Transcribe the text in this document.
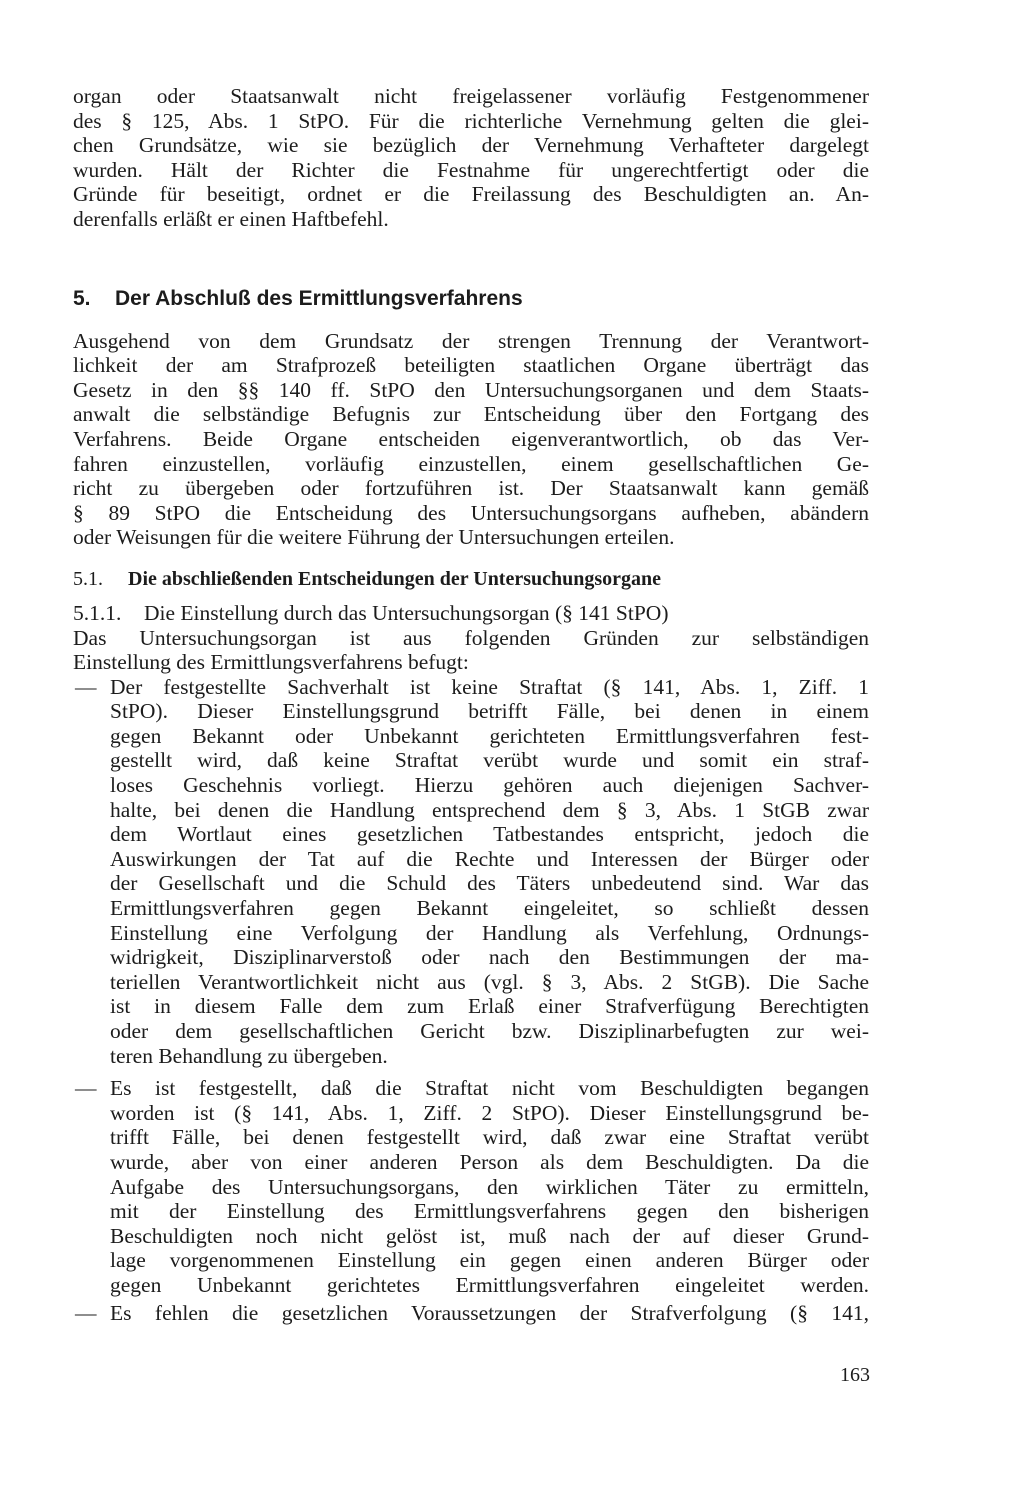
organ oder Staatsanwalt nicht freigelassener vorläufig Festgenommener
des § 125, Abs. 1 StPO. Für die richterliche Vernehmung gelten die glei-
chen Grundsätze, wie sie bezüglich der Vernehmung Verhafteter dargelegt
wurden. Hält der Richter die Festnahme für ungerechtfertigt oder die
Gründe für beseitigt, ordnet er die Freilassung des Beschuldigten an. An-
derenfalls erläßt er einen Haftbefehl.
5. Der Abschluß des Ermittlungsverfahrens
Ausgehend von dem Grundsatz der strengen Trennung der Verantwort-
lichkeit der am Strafprozeß beteiligten staatlichen Organe überträgt das
Gesetz in den §§ 140 ff. StPO den Untersuchungsorganen und dem Staats-
anwalt die selbständige Befugnis zur Entscheidung über den Fortgang des
Verfahrens. Beide Organe entscheiden eigenverantwortlich, ob das Ver-
fahren einzustellen, vorläufig einzustellen, einem gesellschaftlichen Ge-
richt zu übergeben oder fortzuführen ist. Der Staatsanwalt kann gemäß
§ 89 StPO die Entscheidung des Untersuchungsorgans aufheben, abändern
oder Weisungen für die weitere Führung der Untersuchungen erteilen.
5.1. Die abschließenden Entscheidungen der Untersuchungsorgane
5.1.1. Die Einstellung durch das Untersuchungsorgan (§ 141 StPO)
Das Untersuchungsorgan ist aus folgenden Gründen zur selbständigen
Einstellung des Ermittlungsverfahrens befugt:
— Der festgestellte Sachverhalt ist keine Straftat (§ 141, Abs. 1, Ziff. 1
StPO). Dieser Einstellungsgrund betrifft Fälle, bei denen in einem
gegen Bekannt oder Unbekannt gerichteten Ermittlungsverfahren fest-
gestellt wird, daß keine Straftat verübt wurde und somit ein straf-
loses Geschehnis vorliegt. Hierzu gehören auch diejenigen Sachver-
halte, bei denen die Handlung entsprechend dem § 3, Abs. 1 StGB zwar
dem Wortlaut eines gesetzlichen Tatbestandes entspricht, jedoch die
Auswirkungen der Tat auf die Rechte und Interessen der Bürger oder
der Gesellschaft und die Schuld des Täters unbedeutend sind. War das
Ermittlungsverfahren gegen Bekannt eingeleitet, so schließt dessen
Einstellung eine Verfolgung der Handlung als Verfehlung, Ordnungs-
widrigkeit, Disziplinarverstoß oder nach den Bestimmungen der ma-
teriellen Verantwortlichkeit nicht aus (vgl. § 3, Abs. 2 StGB). Die Sache
ist in diesem Falle dem zum Erlaß einer Strafverfügung Berechtigten
oder dem gesellschaftlichen Gericht bzw. Disziplinarbefugten zur wei-
teren Behandlung zu übergeben.
— Es ist festgestellt, daß die Straftat nicht vom Beschuldigten begangen
worden ist (§ 141, Abs. 1, Ziff. 2 StPO). Dieser Einstellungsgrund be-
trifft Fälle, bei denen festgestellt wird, daß zwar eine Straftat verübt
wurde, aber von einer anderen Person als dem Beschuldigten. Da die
Aufgabe des Untersuchungsorgans, den wirklichen Täter zu ermitteln,
mit der Einstellung des Ermittlungsverfahrens gegen den bisherigen
Beschuldigten noch nicht gelöst ist, muß nach der auf dieser Grund-
lage vorgenommenen Einstellung ein gegen einen anderen Bürger oder
gegen Unbekannt gerichtetes Ermittlungsverfahren eingeleitet werden.
— Es fehlen die gesetzlichen Voraussetzungen der Strafverfolgung (§ 141,
163
